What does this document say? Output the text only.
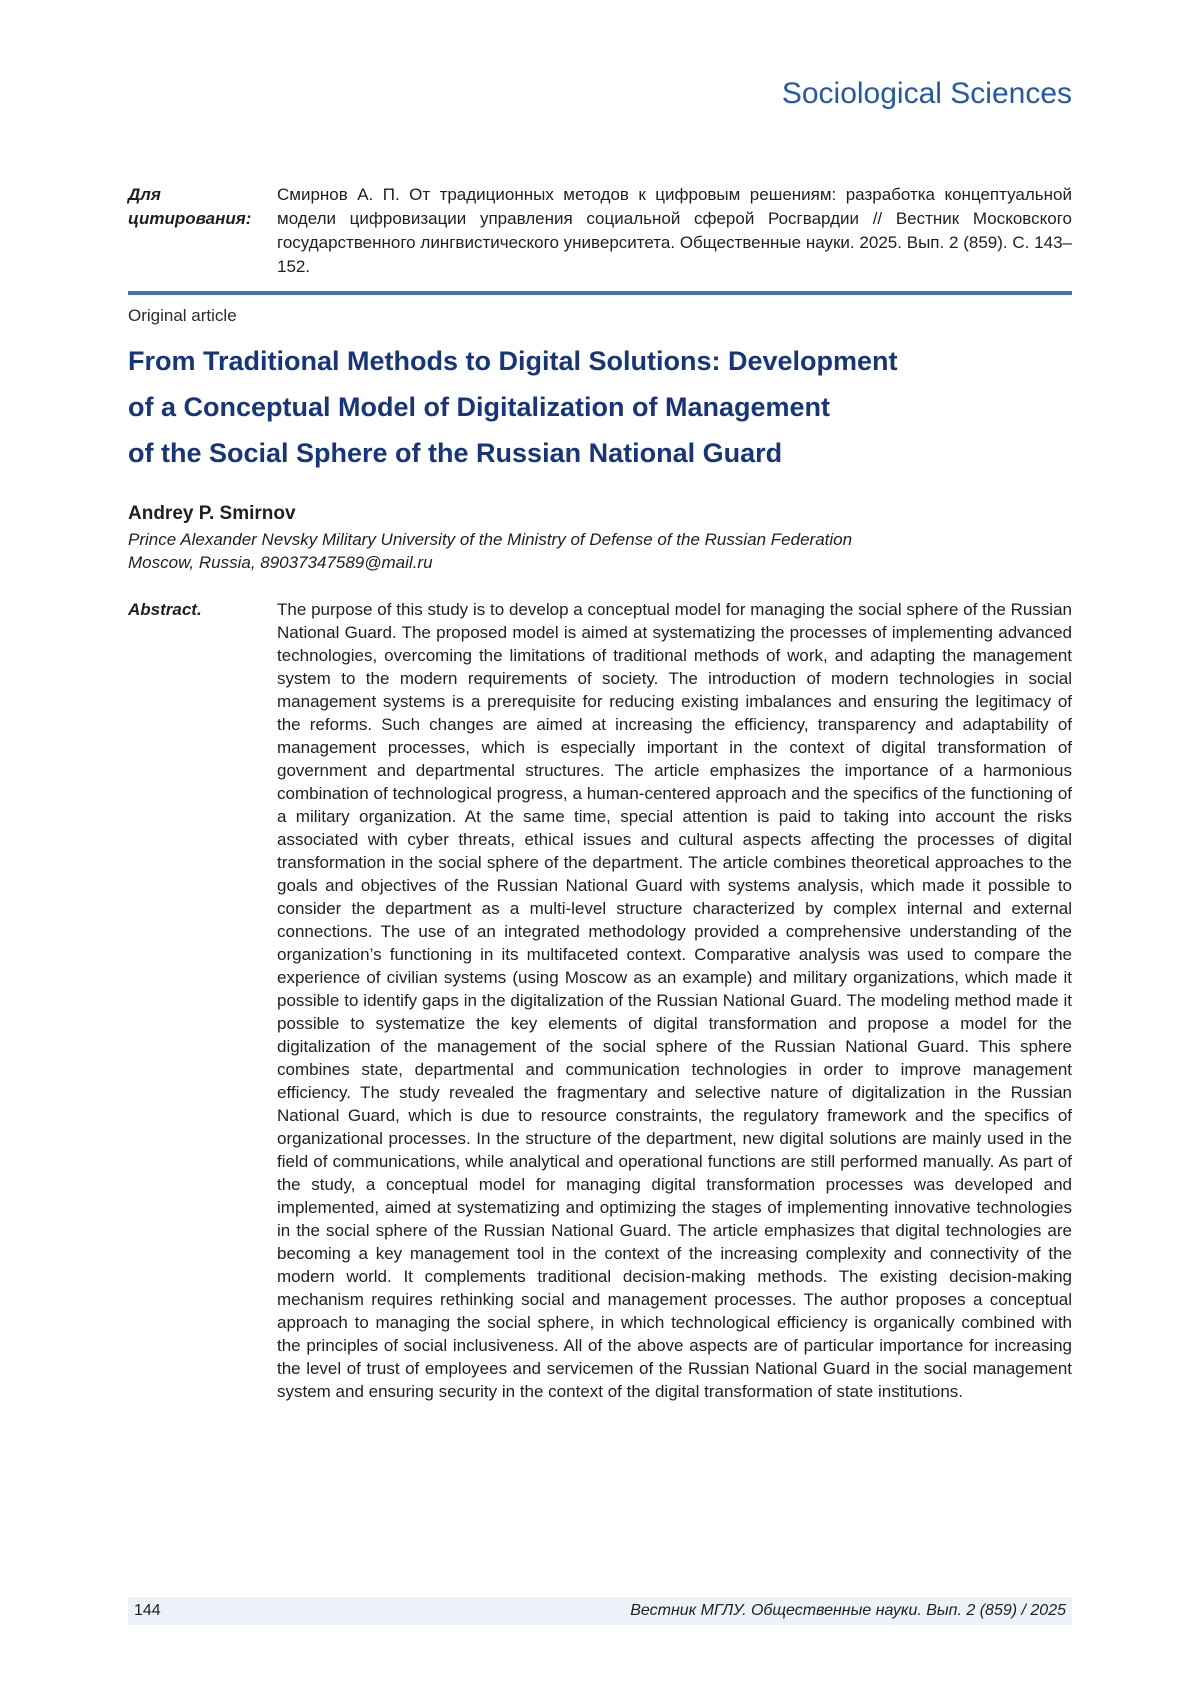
Sociological Sciences
Для цитирования:
Смирнов А. П. От традиционных методов к цифровым решениям: разработка концептуальной модели цифровизации управления социальной сферой Росгвардии // Вестник Московского государственного лингвистического университета. Общественные науки. 2025. Вып. 2 (859). С. 143–152.
Original article
From Traditional Methods to Digital Solutions: Development
of a Conceptual Model of Digitalization of Management
of the Social Sphere of the Russian National Guard
Andrey P. Smirnov
Prince Alexander Nevsky Military University of the Ministry of Defense of the Russian Federation
Moscow, Russia, 89037347589@mail.ru
Abstract.	The purpose of this study is to develop a conceptual model for managing the social sphere of the Russian National Guard. The proposed model is aimed at systematizing the processes of implementing advanced technologies, overcoming the limitations of traditional methods of work, and adapting the management system to the modern requirements of society. The introduction of modern technologies in social management systems is a prerequisite for reducing existing imbalances and ensuring the legitimacy of the reforms. Such changes are aimed at increasing the efficiency, transparency and adaptability of management processes, which is especially important in the context of digital transformation of government and departmental structures. The article emphasizes the importance of a harmonious combination of technological progress, a human-centered approach and the specifics of the functioning of a military organization. At the same time, special attention is paid to taking into account the risks associated with cyber threats, ethical issues and cultural aspects affecting the processes of digital transformation in the social sphere of the department. The article combines theoretical approaches to the goals and objectives of the Russian National Guard with systems analysis, which made it possible to consider the department as a multi-level structure characterized by complex internal and external connections. The use of an integrated methodology provided a comprehensive understanding of the organization’s functioning in its multifaceted context. Comparative analysis was used to compare the experience of civilian systems (using Moscow as an example) and military organizations, which made it possible to identify gaps in the digitalization of the Russian National Guard. The modeling method made it possible to systematize the key elements of digital transformation and propose a model for the digitalization of the management of the social sphere of the Russian National Guard. This sphere combines state, departmental and communication technologies in order to improve management efficiency. The study revealed the fragmentary and selective nature of digitalization in the Russian National Guard, which is due to resource constraints, the regulatory framework and the specifics of organizational processes. In the structure of the department, new digital solutions are mainly used in the field of communications, while analytical and operational functions are still performed manually. As part of the study, a conceptual model for managing digital transformation processes was developed and implemented, aimed at systematizing and optimizing the stages of implementing innovative technologies in the social sphere of the Russian National Guard. The article emphasizes that digital technologies are becoming a key management tool in the context of the increasing complexity and connectivity of the modern world. It complements traditional decision-making methods. The existing decision-making mechanism requires rethinking social and management processes. The author proposes a conceptual approach to managing the social sphere, in which technological efficiency is organically combined with the principles of social inclusiveness. All of the above aspects are of particular importance for increasing the level of trust of employees and servicemen of the Russian National Guard in the social management system and ensuring security in the context of the digital transformation of state institutions.
144	Вестник МГЛУ. Общественные науки. Вып. 2 (859) / 2025
